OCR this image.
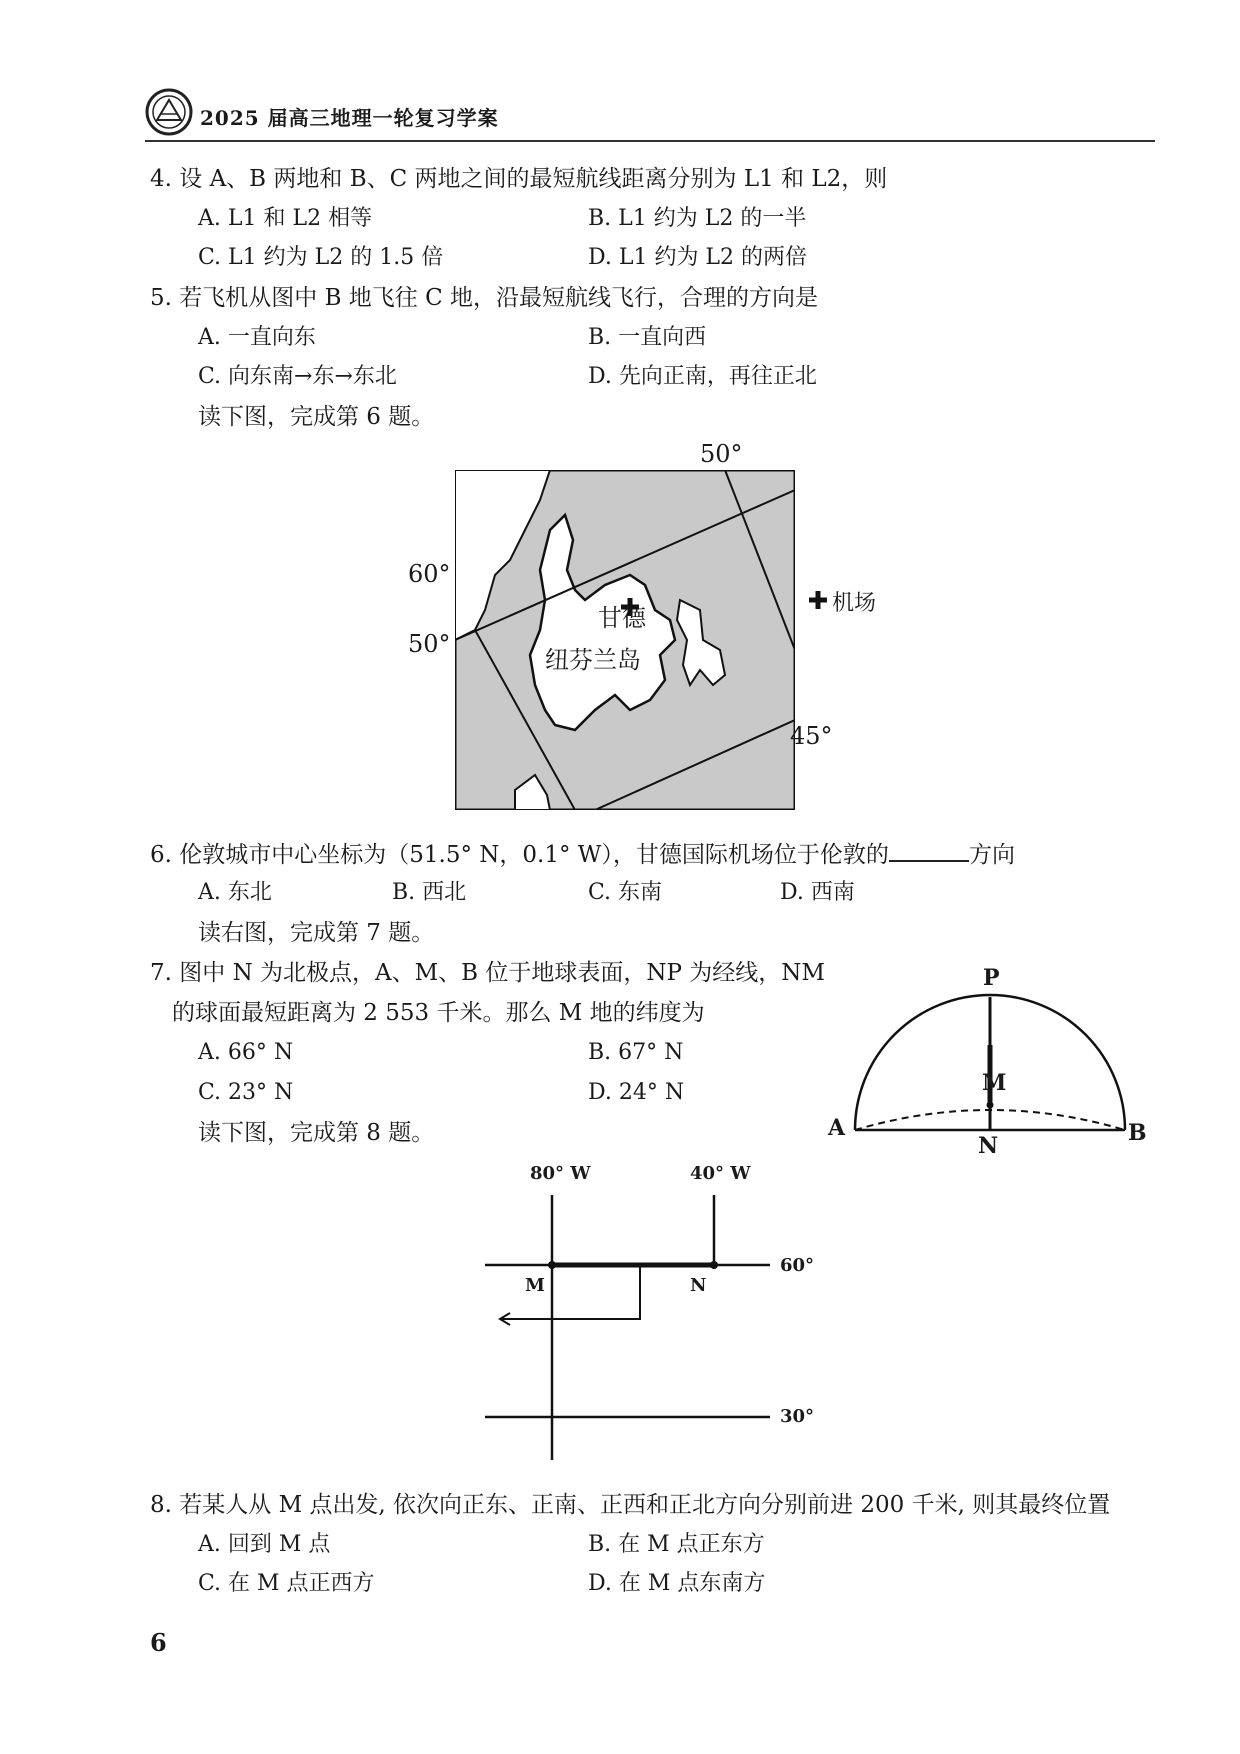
2025 届高三地理一轮复习学案
4. 设 A、B 两地和 B、C 两地之间的最短航线距离分别为 L1 和 L2，则
A. L1 和 L2 相等	B. L1 约为 L2 的一半
C. L1 约为 L2 的 1.5 倍	D. L1 约为 L2 的两倍
5. 若飞机从图中 B 地飞往 C 地，沿最短航线飞行，合理的方向是
A. 一直向东	B. 一直向西
C. 向东南→东→东北	D. 先向正南，再往正北
读下图，完成第 6 题。
50°
60°
50°
45°
甘德
纽芬兰岛
机场
6. 伦敦城市中心坐标为（51.5° N，0.1° W），甘德国际机场位于伦敦的	方向
A. 东北	B. 西北	C. 东南	D. 西南
读右图，完成第 7 题。
7. 图中 N 为北极点，A、M、B 位于地球表面，NP 为经线，NM
的球面最短距离为 2 553 千米。那么 M 地的纬度为
A. 66° N	B. 67° N
C. 23° N	D. 24° N
读下图，完成第 8 题。
P
M
A
N	B
80° W	40° W
60°
30°
M	N
8. 若某人从 M 点出发, 依次向正东、正南、正西和正北方向分别前进 200 千米, 则其最终位置
A. 回到 M 点	B. 在 M 点正东方
C. 在 M 点正西方	D. 在 M 点东南方
6
